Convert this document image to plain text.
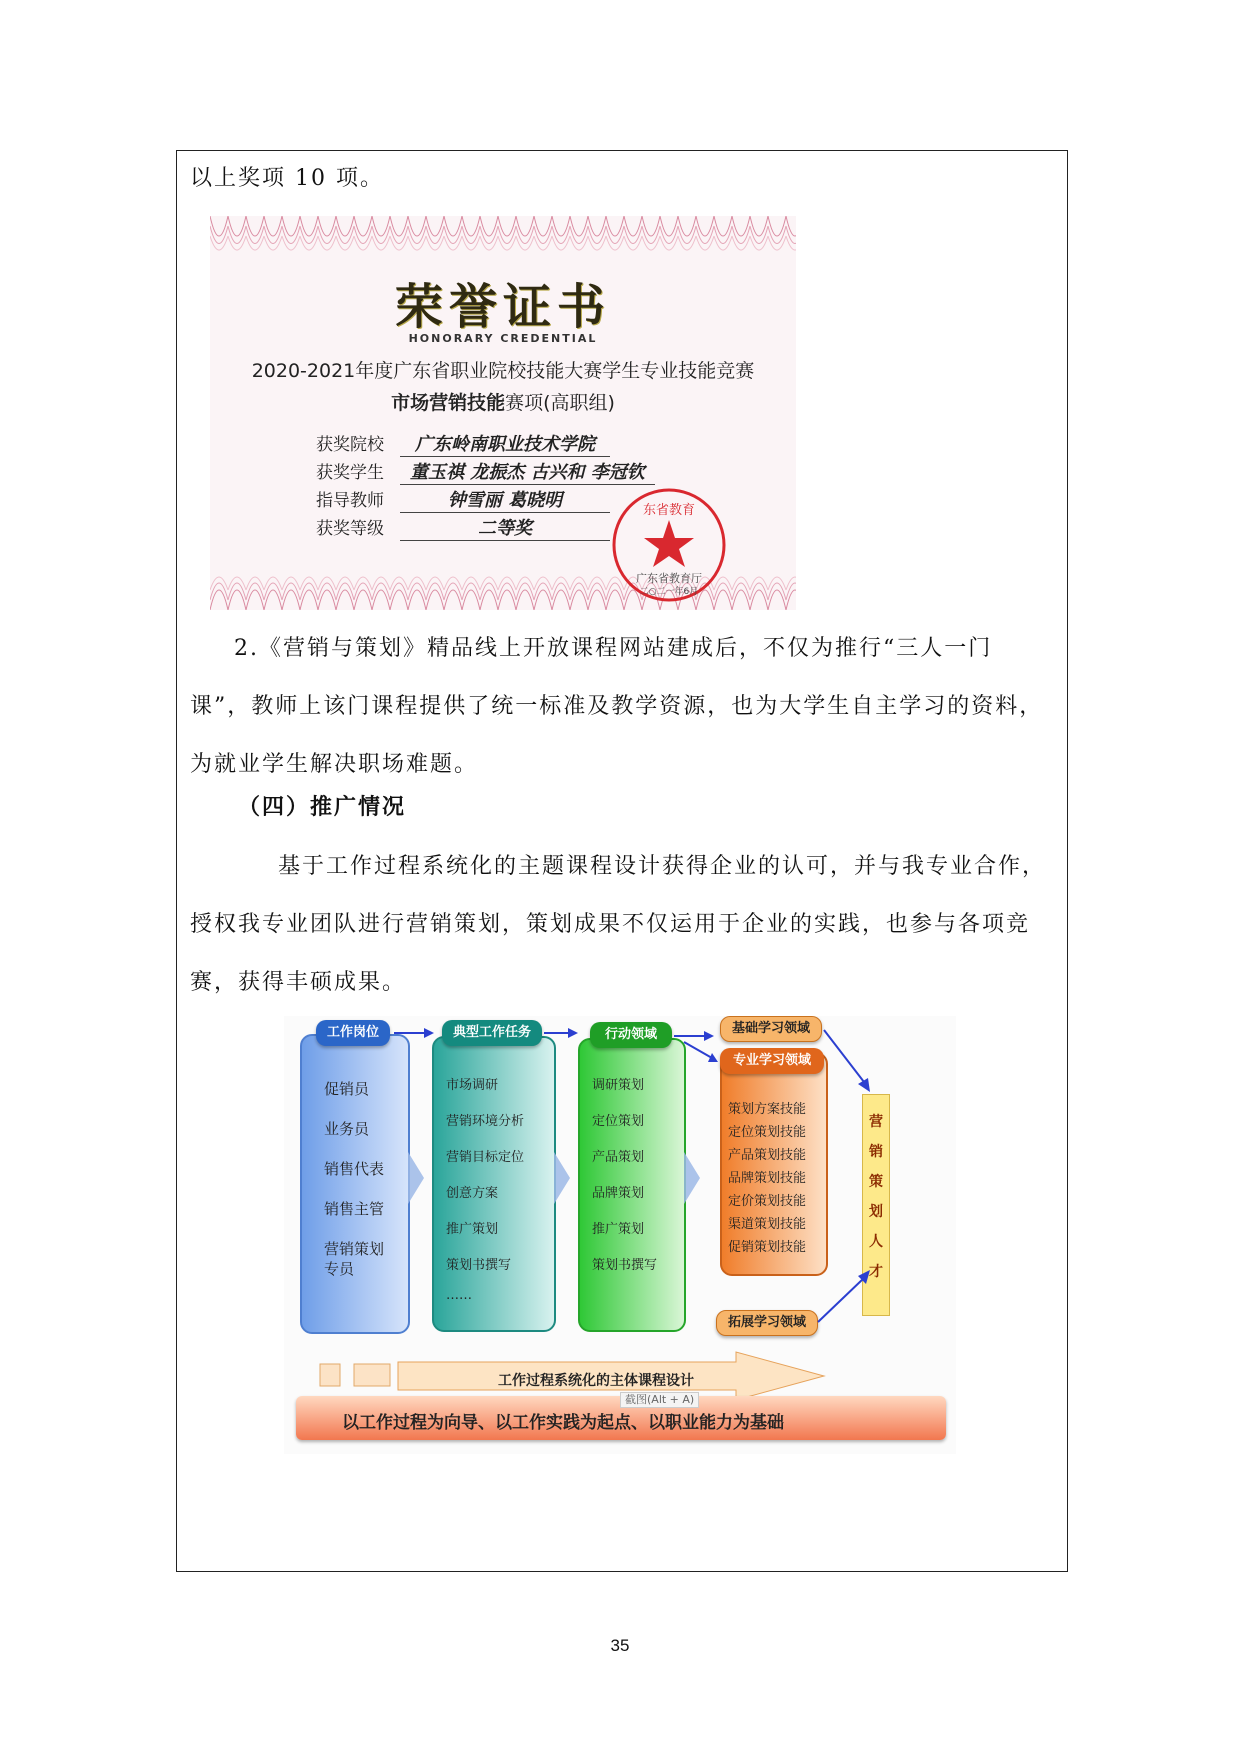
以上奖项 10 项。

荣誉证书
HONORARY CREDENTIAL
2020-2021年度广东省职业院校技能大赛学生专业技能竞赛
市场营销技能赛项(高职组)
获奖院校 广东岭南职业技术学院
获奖学生 董玉祺 龙振杰 古兴和 李冠钦
指导教师	钟雪丽 葛晓明
获奖等级	二等奖
东省教育
广东省教育厅
二○二一年6月

2.《营销与策划》精品线上开放课程网站建成后，不仅为推行“三人一门课”，教师上该门课程提供了统一标准及教学资源，也为大学生自主学习的资料，为就业学生解决职场难题。

（四）推广情况

基于工作过程系统化的主题课程设计获得企业的认可，并与我专业合作，授权我专业团队进行营销策划，策划成果不仅运用于企业的实践，也参与各项竞赛，获得丰硕成果。

工作岗位
促销员
业务员
销售代表
销售主管
营销策划
专员
典型工作任务
市场调研
营销环境分析
营销目标定位
创意方案
推广策划
策划书撰写
……
行动领域
调研策划
定位策划
产品策划
品牌策划
推广策划
策划书撰写
基础学习领域
专业学习领域
策划方案技能
定位策划技能
产品策划技能
品牌策划技能
定价策划技能
渠道策划技能
促销策划技能
拓展学习领域
营销策划人才
工作过程系统化的主体课程设计
以工作过程为向导、以工作实践为起点、以职业能力为基础
截图(Alt + A)
35
